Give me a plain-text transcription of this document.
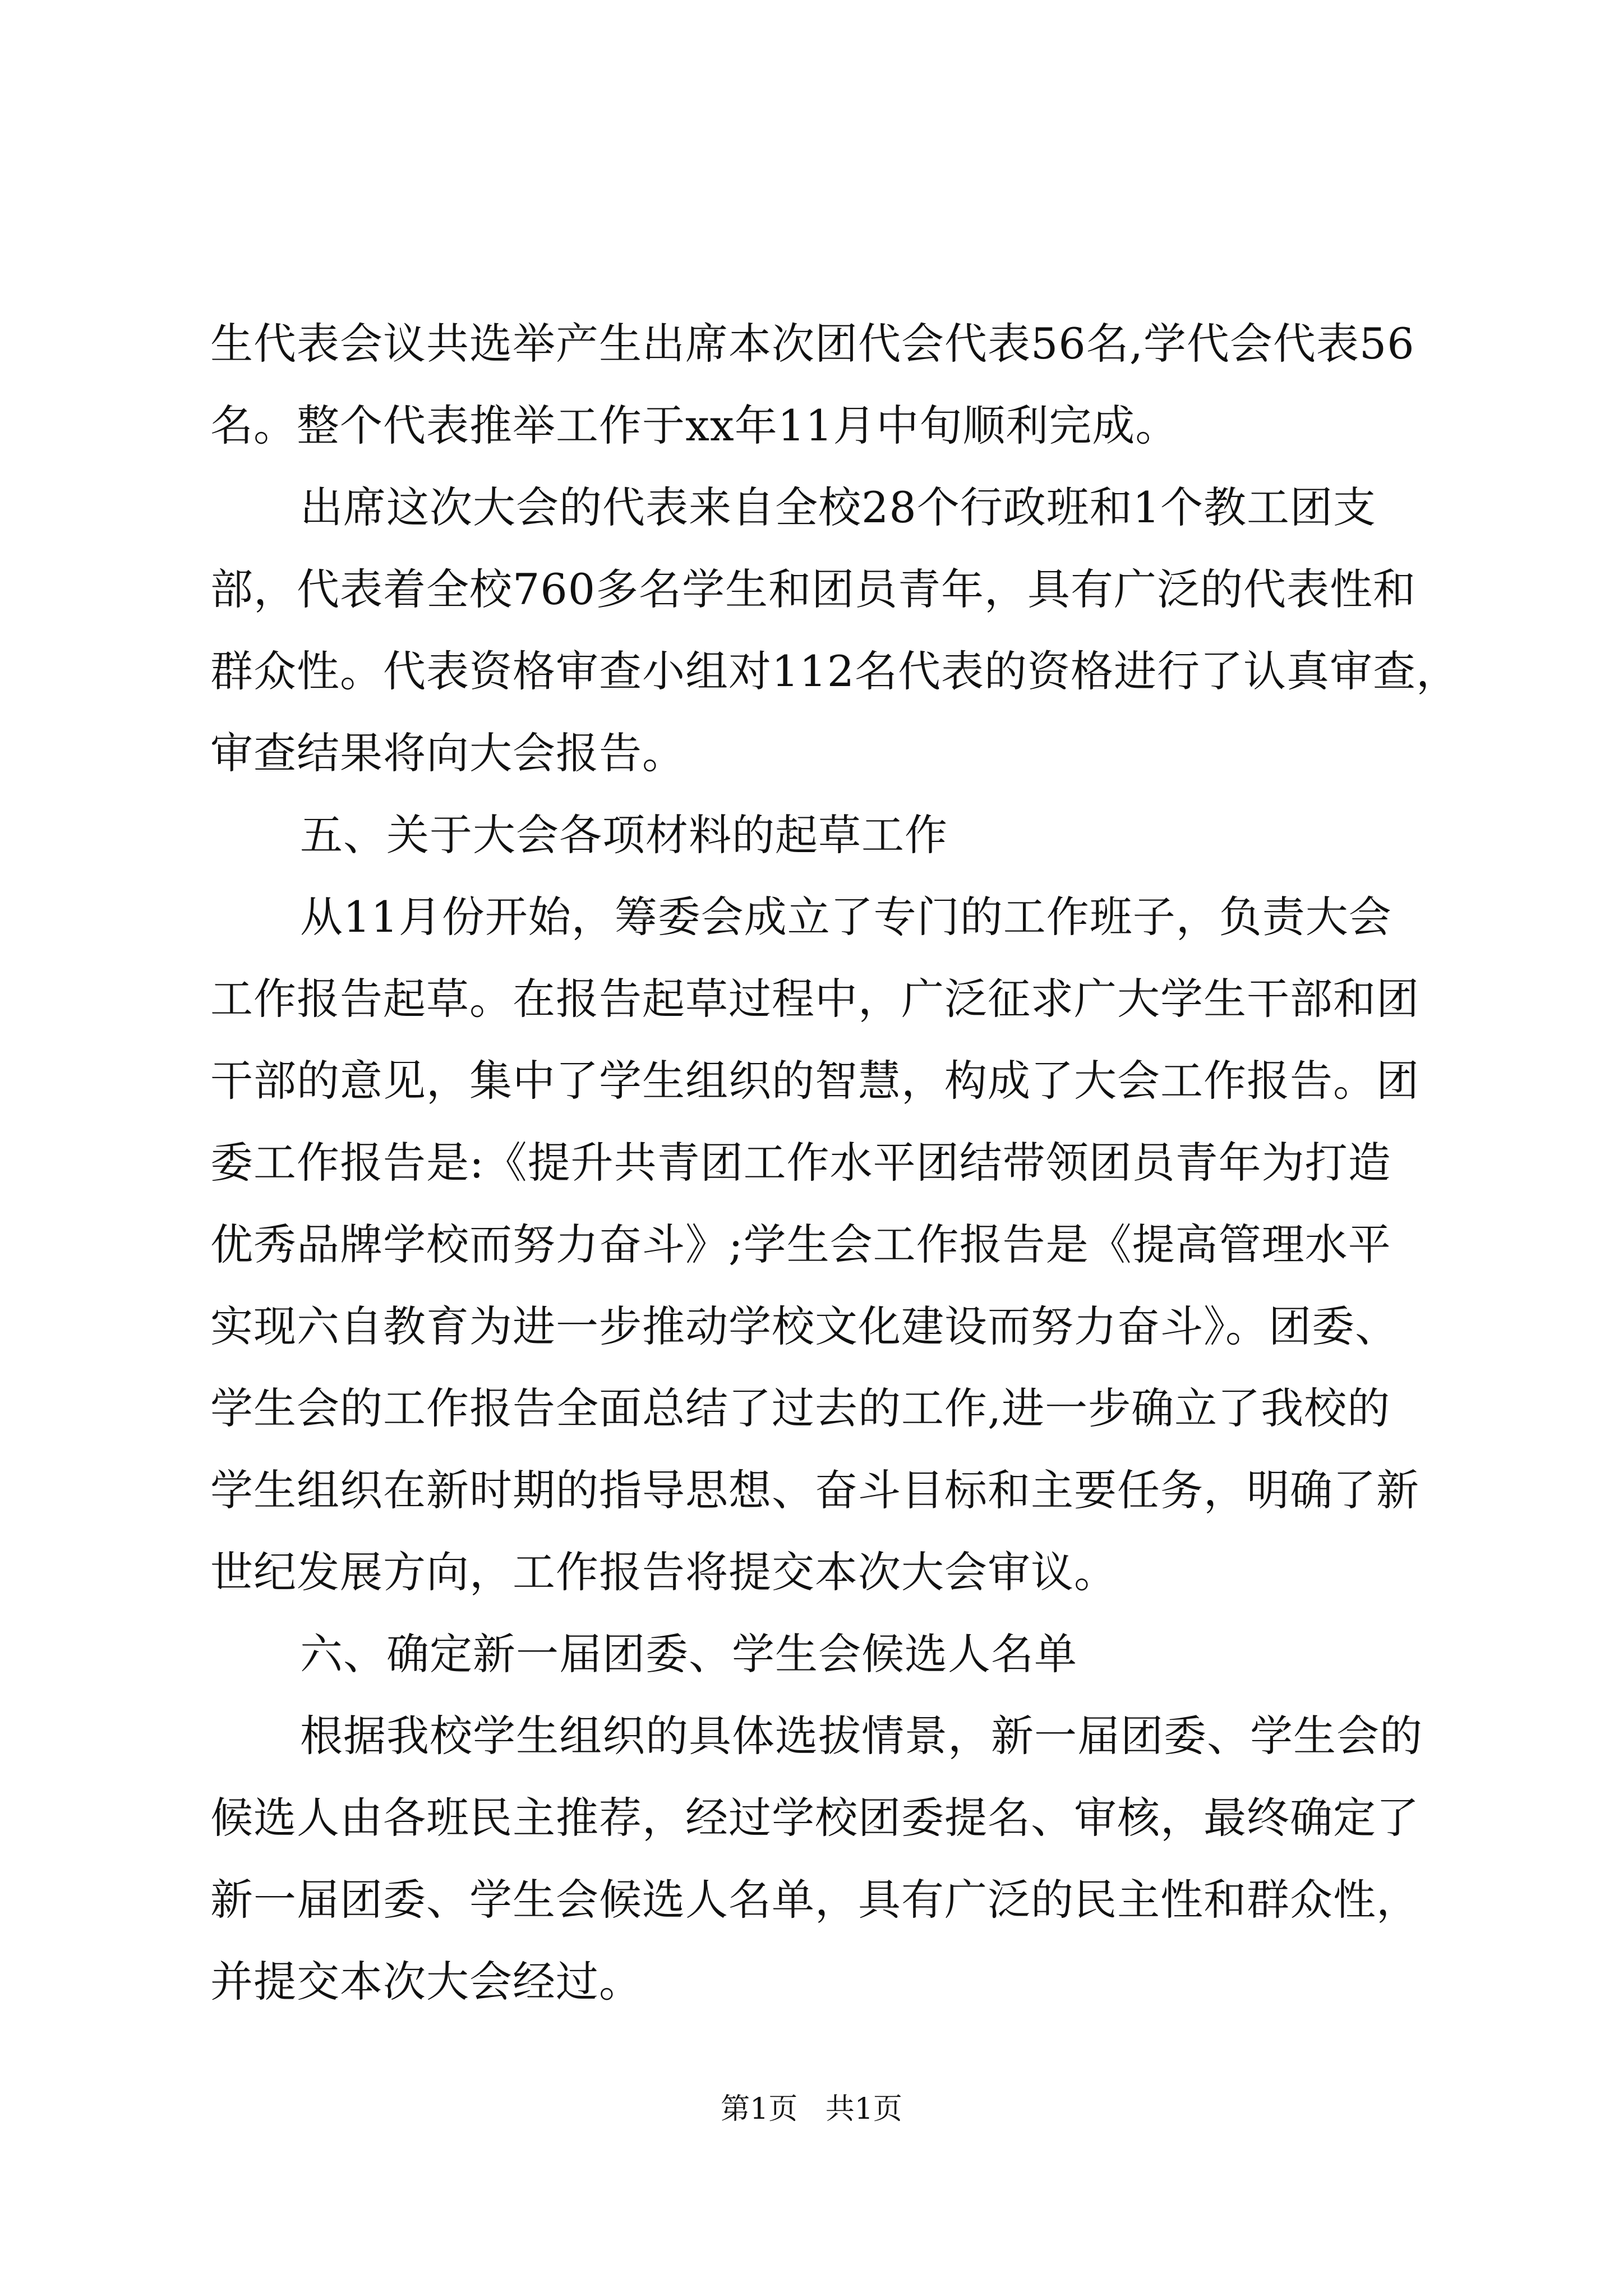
生代表会议共选举产生出席本次团代会代表56名,学代会代表56
名。整个代表推举工作于xx年11月中旬顺利完成。
出席这次大会的代表来自全校28个行政班和1个教工团支
部，代表着全校760多名学生和团员青年，具有广泛的代表性和
群众性。代表资格审查小组对112名代表的资格进行了认真审查，
审查结果将向大会报告。
五、关于大会各项材料的起草工作
从11月份开始，筹委会成立了专门的工作班子，负责大会
工作报告起草。在报告起草过程中，广泛征求广大学生干部和团
干部的意见，集中了学生组织的智慧，构成了大会工作报告。团
委工作报告是:《提升共青团工作水平团结带领团员青年为打造
优秀品牌学校而努力奋斗》;学生会工作报告是《提高管理水平
实现六自教育为进一步推动学校文化建设而努力奋斗》。团委、
学生会的工作报告全面总结了过去的工作,进一步确立了我校的
学生组织在新时期的指导思想、奋斗目标和主要任务，明确了新
世纪发展方向，工作报告将提交本次大会审议。
六、确定新一届团委、学生会候选人名单
根据我校学生组织的具体选拔情景，新一届团委、学生会的
候选人由各班民主推荐，经过学校团委提名、审核，最终确定了
新一届团委、学生会候选人名单，具有广泛的民主性和群众性，
并提交本次大会经过。
第1页 共1页
